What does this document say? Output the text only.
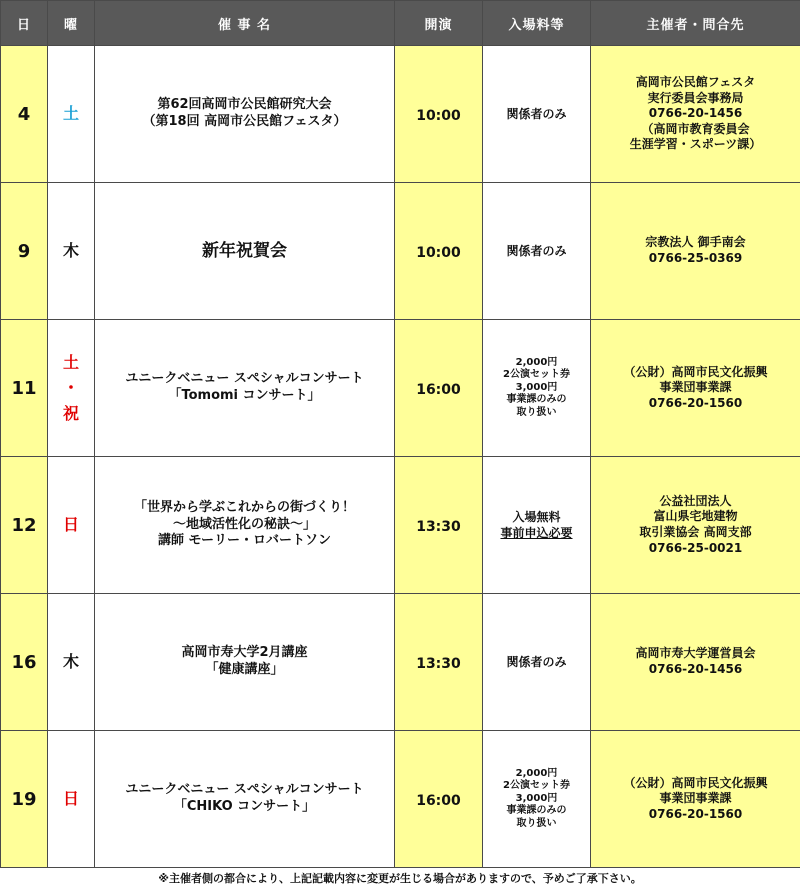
日	曜	催 事 名	開演	入場料等	主催者・問合先
4	土	第62回高岡市公民館研究大会
（第18回 高岡市公民館フェスタ）	10:00	関係者のみ	高岡市公民館フェスタ
実行委員会事務局
0766-20-1456
（高岡市教育委員会
生涯学習・スポーツ課）

9	木	新年祝賀会	10:00	関係者のみ	宗教法人 御手南会
0766-25-0369

11	土
・
祝	ユニークベニュー スペシャルコンサート
「Tomomi コンサート」	16:00	2,000円
2公演セット券
3,000円
事業課のみの
取り扱い	（公財）高岡市民文化振興
事業団事業課
0766-20-1560

12	日	「世界から学ぶこれからの街づくり！
～地域活性化の秘訣～」
講師 モーリー・ロバートソン	13:30	入場無料
事前申込必要	公益社団法人
富山県宅地建物
取引業協会 高岡支部
0766-25-0021

16	木	高岡市寿大学2月講座
「健康講座」	13:30	関係者のみ	高岡市寿大学運営員会
0766-20-1456

19	日	ユニークベニュー スペシャルコンサート
「CHIKO コンサート」	16:00	2,000円
2公演セット券
3,000円
事業課のみの
取り扱い	（公財）高岡市民文化振興
事業団事業課
0766-20-1560
※主催者側の都合により、上記記載内容に変更が生じる場合がありますので、予めご了承下さい。
